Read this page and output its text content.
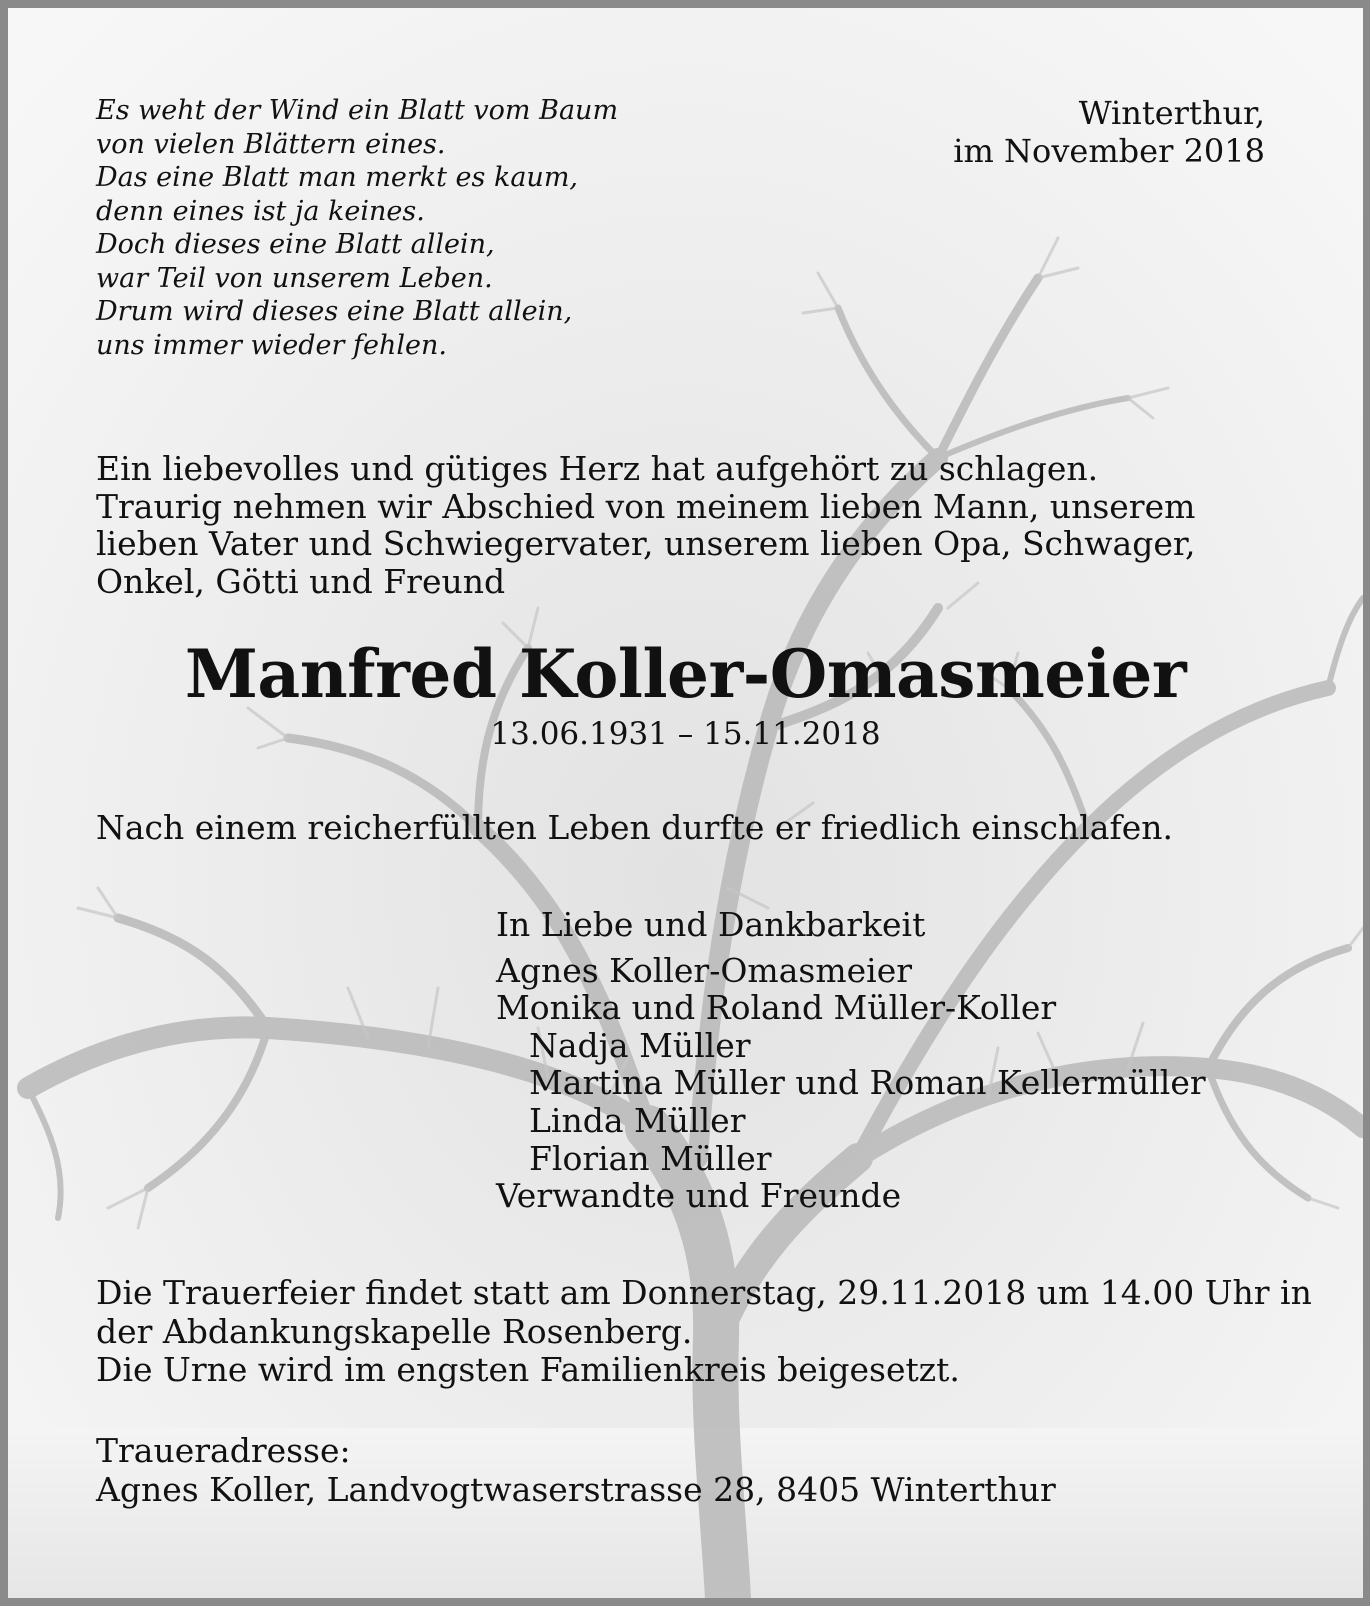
Es weht der Wind ein Blatt vom Baum
von vielen Blättern eines.
Das eine Blatt man merkt es kaum,
denn eines ist ja keines.
Doch dieses eine Blatt allein,
war Teil von unserem Leben.
Drum wird dieses eine Blatt allein,
uns immer wieder fehlen.
Winterthur,
im November 2018
Ein liebevolles und gütiges Herz hat aufgehört zu schlagen.
Traurig nehmen wir Abschied von meinem lieben Mann, unserem
lieben Vater und Schwiegervater, unserem lieben Opa, Schwager,
Onkel, Götti und Freund
Manfred Koller-Omasmeier
13.06.1931 – 15.11.2018
Nach einem reicherfüllten Leben durfte er friedlich einschlafen.
In Liebe und Dankbarkeit
Agnes Koller-Omasmeier
Monika und Roland Müller-Koller
Nadja Müller
Martina Müller und Roman Kellermüller
Linda Müller
Florian Müller
Verwandte und Freunde
Die Trauerfeier findet statt am Donnerstag, 29.11.2018 um 14.00 Uhr in
der Abdankungskapelle Rosenberg.
Die Urne wird im engsten Familienkreis beigesetzt.
Traueradresse:
Agnes Koller, Landvogtwaserstrasse 28, 8405 Winterthur
